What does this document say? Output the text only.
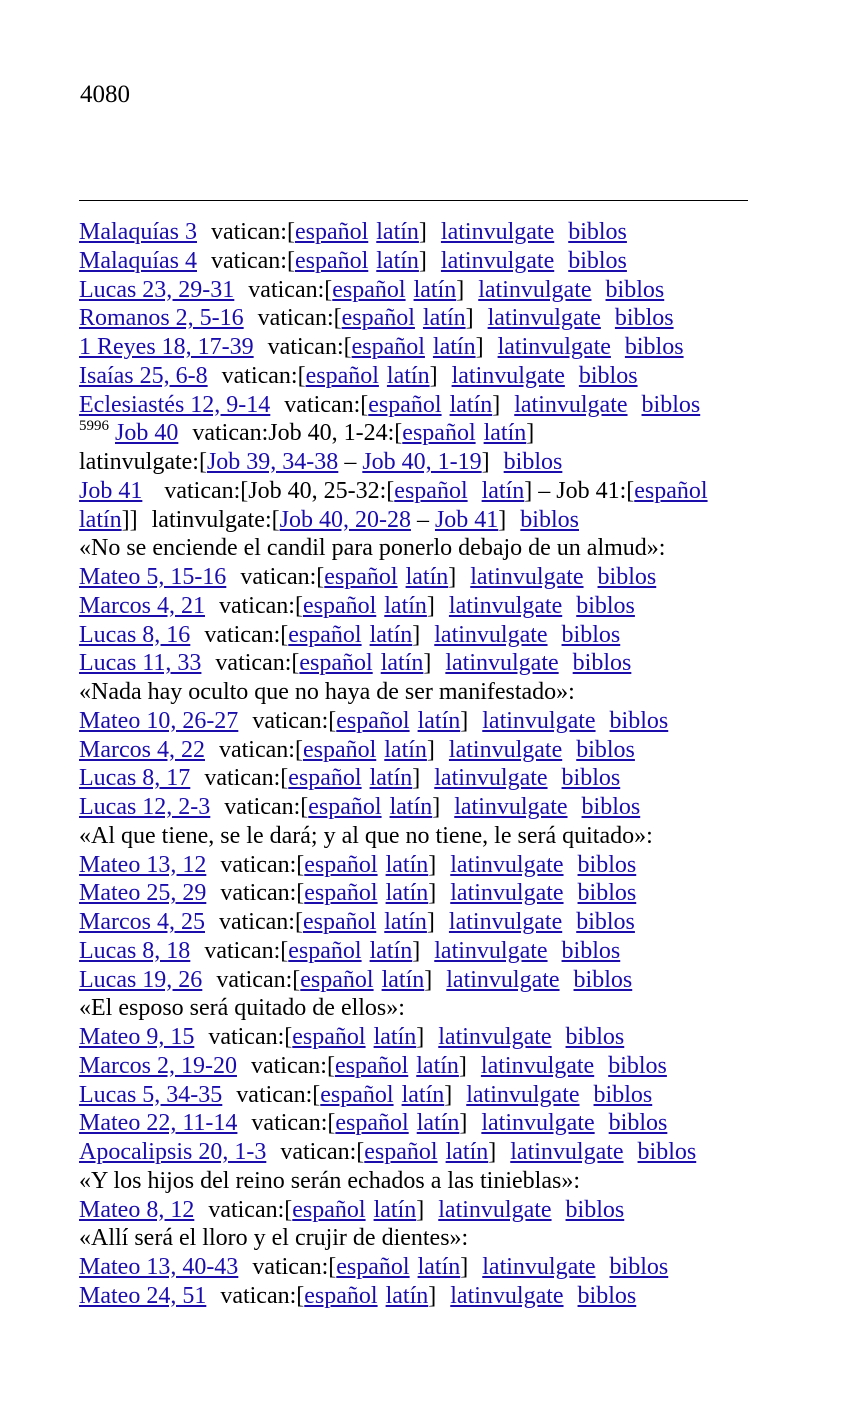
4080
Malaquías 3 vatican:[español latín] latinvulgate biblos
Malaquías 4 vatican:[español latín] latinvulgate biblos
Lucas 23, 29-31 vatican:[español latín] latinvulgate biblos
Romanos 2, 5-16 vatican:[español latín] latinvulgate biblos
1 Reyes 18, 17-39 vatican:[español latín] latinvulgate biblos
Isaías 25, 6-8 vatican:[español latín] latinvulgate biblos
Eclesiastés 12, 9-14 vatican:[español latín] latinvulgate biblos
$^{5996}$ Job 40 vatican:Job 40, 1-24:[español latín]
latinvulgate:[Job 39, 34-38 – Job 40, 1-19] biblos
Job 41 vatican:[Job 40, 25-32:[español latín] – Job 41:[español
latín]] latinvulgate:[Job 40, 20-28 – Job 41] biblos
«No se enciende el candil para ponerlo debajo de un almud»:
Mateo 5, 15-16 vatican:[español latín] latinvulgate biblos
Marcos 4, 21 vatican:[español latín] latinvulgate biblos
Lucas 8, 16 vatican:[español latín] latinvulgate biblos
Lucas 11, 33 vatican:[español latín] latinvulgate biblos
«Nada hay oculto que no haya de ser manifestado»:
Mateo 10, 26-27 vatican:[español latín] latinvulgate biblos
Marcos 4, 22 vatican:[español latín] latinvulgate biblos
Lucas 8, 17 vatican:[español latín] latinvulgate biblos
Lucas 12, 2-3 vatican:[español latín] latinvulgate biblos
«Al que tiene, se le dará; y al que no tiene, le será quitado»:
Mateo 13, 12 vatican:[español latín] latinvulgate biblos
Mateo 25, 29 vatican:[español latín] latinvulgate biblos
Marcos 4, 25 vatican:[español latín] latinvulgate biblos
Lucas 8, 18 vatican:[español latín] latinvulgate biblos
Lucas 19, 26 vatican:[español latín] latinvulgate biblos
«El esposo será quitado de ellos»:
Mateo 9, 15 vatican:[español latín] latinvulgate biblos
Marcos 2, 19-20 vatican:[español latín] latinvulgate biblos
Lucas 5, 34-35 vatican:[español latín] latinvulgate biblos
Mateo 22, 11-14 vatican:[español latín] latinvulgate biblos
Apocalipsis 20, 1-3 vatican:[español latín] latinvulgate biblos
«Y los hijos del reino serán echados a las tinieblas»:
Mateo 8, 12 vatican:[español latín] latinvulgate biblos
«Allí será el lloro y el crujir de dientes»:
Mateo 13, 40-43 vatican:[español latín] latinvulgate biblos
Mateo 24, 51 vatican:[español latín] latinvulgate biblos
